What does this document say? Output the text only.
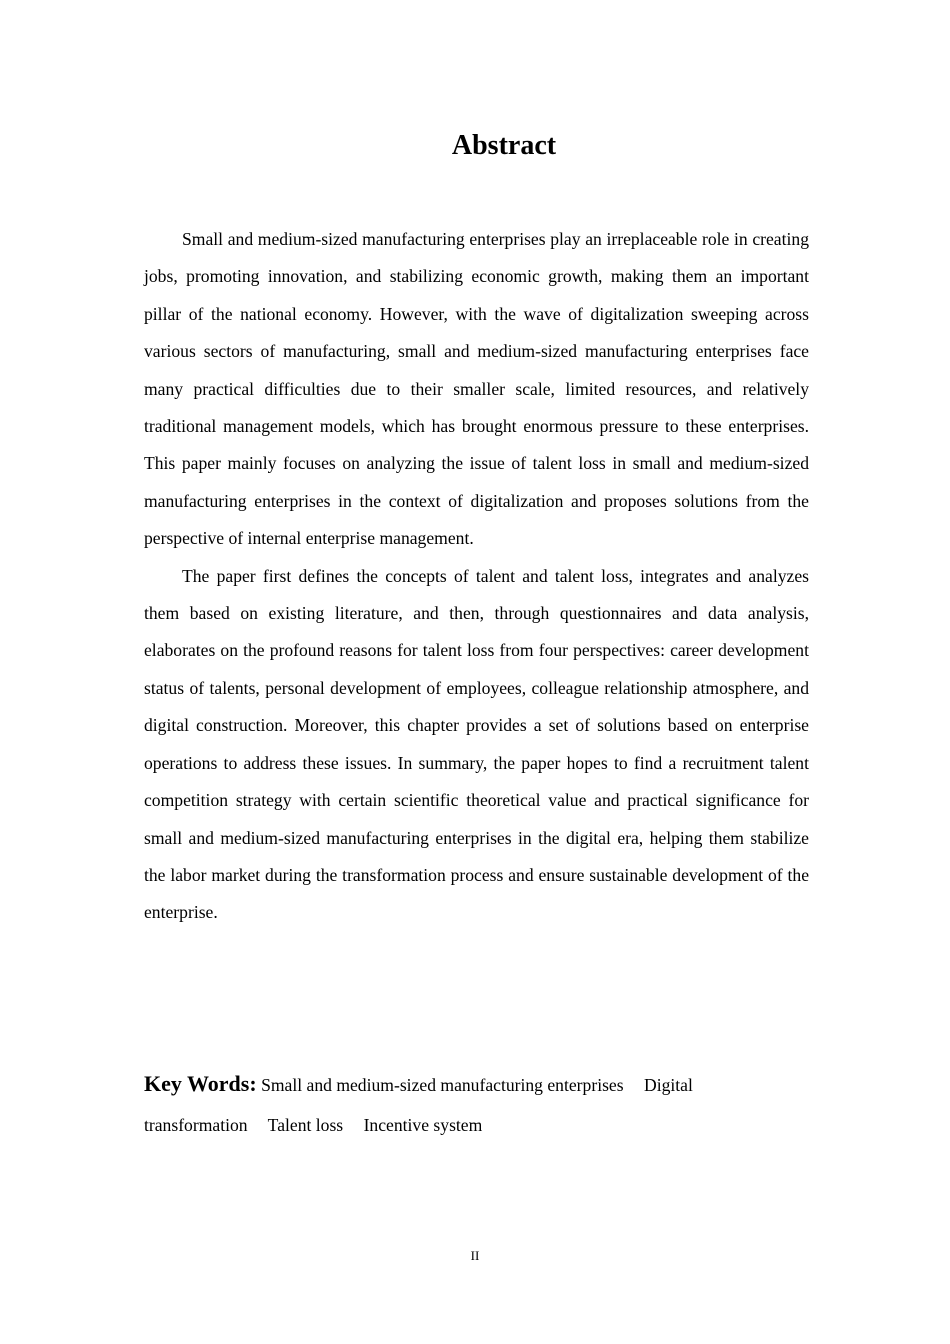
Abstract

Small and medium-sized manufacturing enterprises play an irreplaceable role in creating jobs, promoting innovation, and stabilizing economic growth, making them an important pillar of the national economy. However, with the wave of digitalization sweeping across various sectors of manufacturing, small and medium-sized manufacturing enterprises face many practical difficulties due to their smaller scale, limited resources, and relatively traditional management models, which has brought enormous pressure to these enterprises. This paper mainly focuses on analyzing the issue of talent loss in small and medium-sized manufacturing enterprises in the context of digitalization and proposes solutions from the perspective of internal enterprise management.

The paper first defines the concepts of talent and talent loss, integrates and analyzes them based on existing literature, and then, through questionnaires and data analysis, elaborates on the profound reasons for talent loss from four perspectives: career development status of talents, personal development of employees, colleague relationship atmosphere, and digital construction. Moreover, this chapter provides a set of solutions based on enterprise operations to address these issues. In summary, the paper hopes to find a recruitment talent competition strategy with certain scientific theoretical value and practical significance for small and medium-sized manufacturing enterprises in the digital era, helping them stabilize the labor market during the transformation process and ensure sustainable development of the enterprise.

Key Words: Small and medium-sized manufacturing enterprises Digital transformation Talent loss Incentive system

II
